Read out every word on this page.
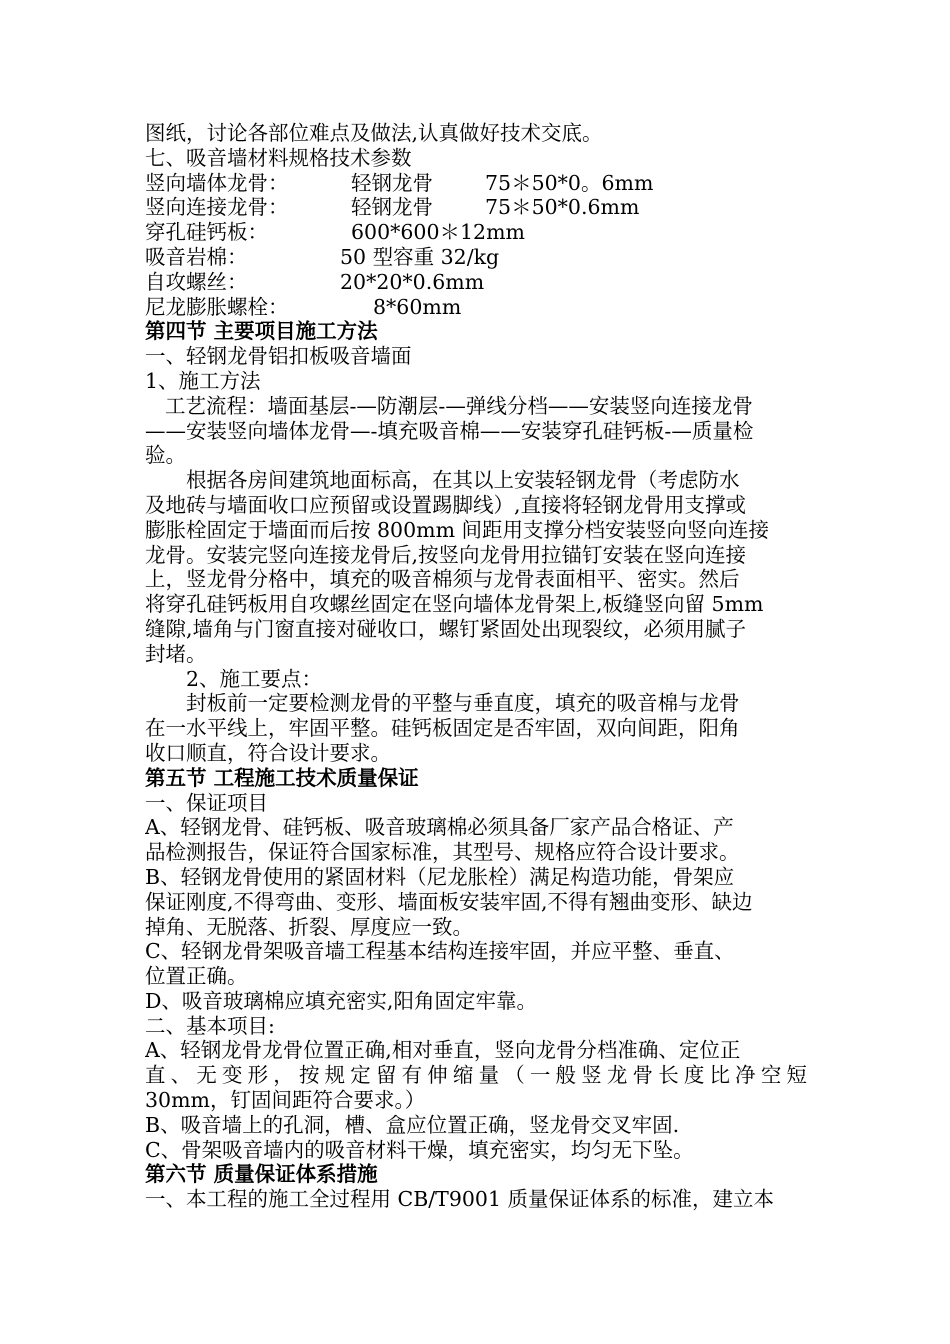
图纸，讨论各部位难点及做法,认真做好技术交底。
七、吸音墙材料规格技术参数
竖向墙体龙骨：	轻钢龙骨	75＊50*0。6mm
竖向连接龙骨：	轻钢龙骨	75＊50*0.6mm
穿孔硅钙板：	600*600＊12mm
吸音岩棉：	50 型容重 32/kg
自攻螺丝：	20*20*0.6mm
尼龙膨胀螺栓：	8*60mm
第四节 主要项目施工方法
一、轻钢龙骨铝扣板吸音墙面
1、施工方法
工艺流程：墙面基层-—防潮层-—弹线分档——安装竖向连接龙骨
——安装竖向墙体龙骨—-填充吸音棉——安装穿孔硅钙板-—质量检
验。
根据各房间建筑地面标高，在其以上安装轻钢龙骨（考虑防水
及地砖与墙面收口应预留或设置踢脚线）,直接将轻钢龙骨用支撑或
膨胀栓固定于墙面而后按 800mm 间距用支撑分档安装竖向竖向连接
龙骨。安装完竖向连接龙骨后,按竖向龙骨用拉锚钉安装在竖向连接
上，竖龙骨分格中，填充的吸音棉须与龙骨表面相平、密实。然后
将穿孔硅钙板用自攻螺丝固定在竖向墙体龙骨架上,板缝竖向留 5mm
缝隙,墙角与门窗直接对碰收口，螺钉紧固处出现裂纹，必须用腻子
封堵。
2、施工要点：
封板前一定要检测龙骨的平整与垂直度，填充的吸音棉与龙骨
在一水平线上，牢固平整。硅钙板固定是否牢固，双向间距，阳角
收口顺直，符合设计要求。
第五节 工程施工技术质量保证
一、保证项目
A、轻钢龙骨、硅钙板、吸音玻璃棉必须具备厂家产品合格证、产
品检测报告，保证符合国家标准，其型号、规格应符合设计要求。
B、轻钢龙骨使用的紧固材料（尼龙胀栓）满足构造功能，骨架应
保证刚度,不得弯曲、变形、墙面板安装牢固,不得有翘曲变形、缺边
掉角、无脱落、折裂、厚度应一致。
C、轻钢龙骨架吸音墙工程基本结构连接牢固，并应平整、垂直、
位置正确。
D、吸音玻璃棉应填充密实,阳角固定牢靠。
二、基本项目:
A、轻钢龙骨龙骨位置正确,相对垂直，竖向龙骨分档准确、定位正
直、无变形，按规定留有伸缩量（一般竖龙骨长度比净空短
30mm，钉固间距符合要求。）
B、吸音墙上的孔洞，槽、盒应位置正确，竖龙骨交叉牢固.
C、骨架吸音墙内的吸音材料干燥，填充密实，均匀无下坠。
第六节 质量保证体系措施
一、本工程的施工全过程用 CB/T9001 质量保证体系的标准，建立本
